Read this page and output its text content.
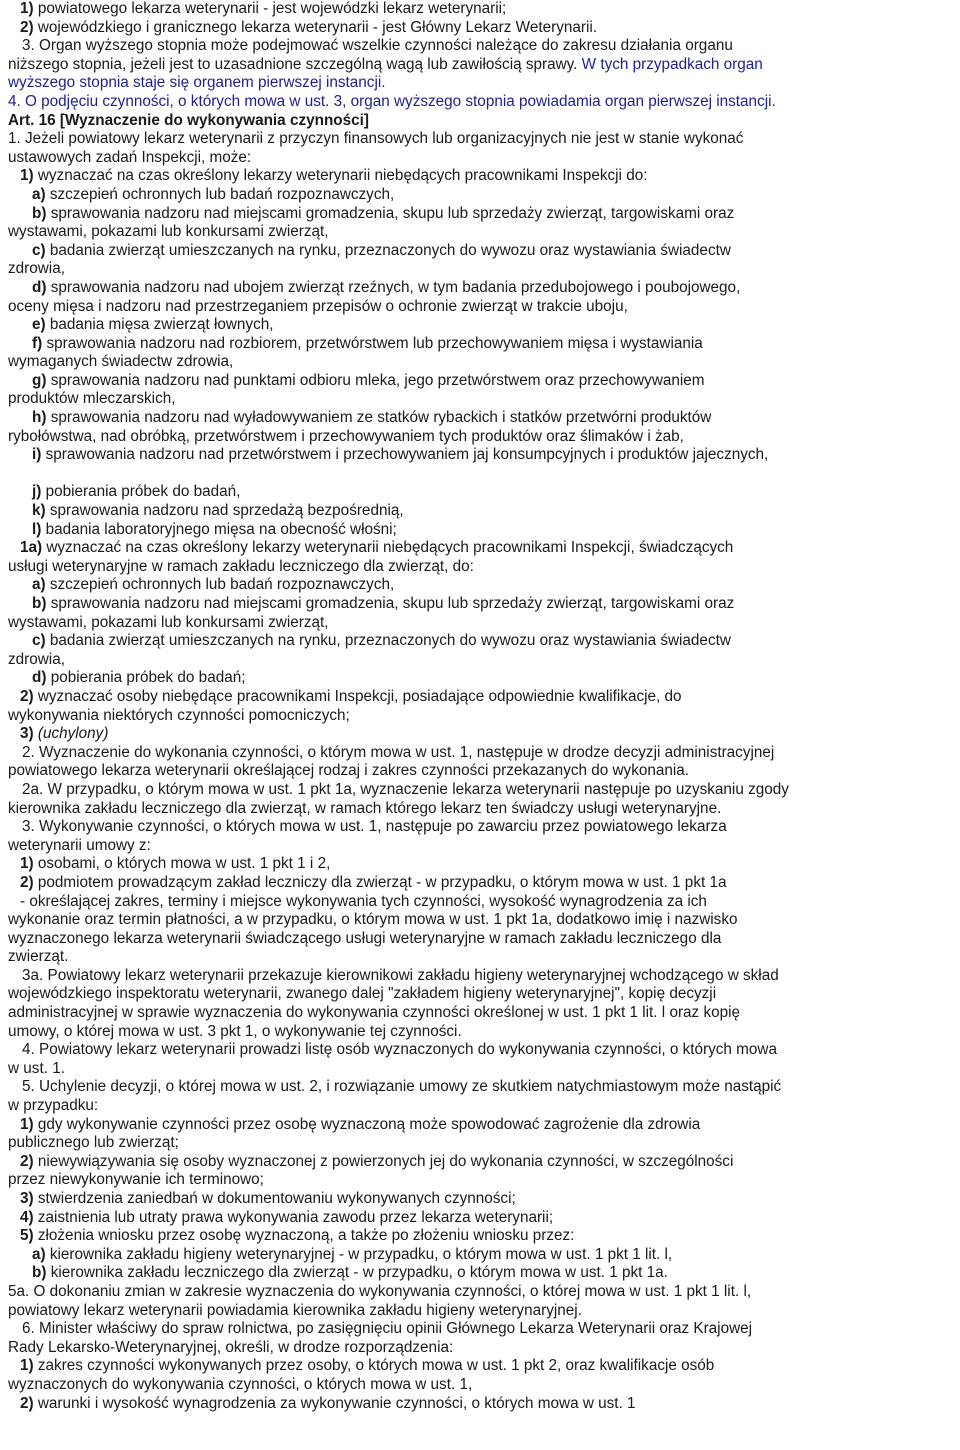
1) powiatowego lekarza weterynarii - jest wojewódzki lekarz weterynarii;
2) wojewódzkiego i granicznego lekarza weterynarii - jest Główny Lekarz Weterynarii.
3. Organ wyższego stopnia może podejmować wszelkie czynności należące do zakresu działania organu
niższego stopnia, jeżeli jest to uzasadnione szczególną wagą lub zawiłością sprawy. W tych przypadkach organ
wyższego stopnia staje się organem pierwszej instancji.
4. O podjęciu czynności, o których mowa w ust. 3, organ wyższego stopnia powiadamia organ pierwszej instancji.
Art. 16 [Wyznaczenie do wykonywania czynności]
1. Jeżeli powiatowy lekarz weterynarii z przyczyn finansowych lub organizacyjnych nie jest w stanie wykonać
ustawowych zadań Inspekcji, może:
1) wyznaczać na czas określony lekarzy weterynarii niebędących pracownikami Inspekcji do:
a) szczepień ochronnych lub badań rozpoznawczych,
b) sprawowania nadzoru nad miejscami gromadzenia, skupu lub sprzedaży zwierząt, targowiskami oraz
wystawami, pokazami lub konkursami zwierząt,
c) badania zwierząt umieszczanych na rynku, przeznaczonych do wywozu oraz wystawiania świadectw
zdrowia,
d) sprawowania nadzoru nad ubojem zwierząt rzeźnych, w tym badania przedubojowego i poubojowego,
oceny mięsa i nadzoru nad przestrzeganiem przepisów o ochronie zwierząt w trakcie uboju,
e) badania mięsa zwierząt łownych,
f) sprawowania nadzoru nad rozbiorem, przetwórstwem lub przechowywaniem mięsa i wystawiania
wymaganych świadectw zdrowia,
g) sprawowania nadzoru nad punktami odbioru mleka, jego przetwórstwem oraz przechowywaniem
produktów mleczarskich,
h) sprawowania nadzoru nad wyładowywaniem ze statków rybackich i statków przetwórni produktów
rybołówstwa, nad obróbką, przetwórstwem i przechowywaniem tych produktów oraz ślimaków i żab,
i) sprawowania nadzoru nad przetwórstwem i przechowywaniem jaj konsumpcyjnych i produktów jajecznych,
j) pobierania próbek do badań,
k) sprawowania nadzoru nad sprzedażą bezpośrednią,
l) badania laboratoryjnego mięsa na obecność włośni;
1a) wyznaczać na czas określony lekarzy weterynarii niebędących pracownikami Inspekcji, świadczących
usługi weterynaryjne w ramach zakładu leczniczego dla zwierząt, do:
a) szczepień ochronnych lub badań rozpoznawczych,
b) sprawowania nadzoru nad miejscami gromadzenia, skupu lub sprzedaży zwierząt, targowiskami oraz
wystawami, pokazami lub konkursami zwierząt,
c) badania zwierząt umieszczanych na rynku, przeznaczonych do wywozu oraz wystawiania świadectw
zdrowia,
d) pobierania próbek do badań;
2) wyznaczać osoby niebędące pracownikami Inspekcji, posiadające odpowiednie kwalifikacje, do
wykonywania niektórych czynności pomocniczych;
3) (uchylony)
2. Wyznaczenie do wykonania czynności, o którym mowa w ust. 1, następuje w drodze decyzji administracyjnej
powiatowego lekarza weterynarii określającej rodzaj i zakres czynności przekazanych do wykonania.
2a. W przypadku, o którym mowa w ust. 1 pkt 1a, wyznaczenie lekarza weterynarii następuje po uzyskaniu zgody
kierownika zakładu leczniczego dla zwierząt, w ramach którego lekarz ten świadczy usługi weterynaryjne.
3. Wykonywanie czynności, o których mowa w ust. 1, następuje po zawarciu przez powiatowego lekarza
weterynarii umowy z:
1) osobami, o których mowa w ust. 1 pkt 1 i 2,
2) podmiotem prowadzącym zakład leczniczy dla zwierząt - w przypadku, o którym mowa w ust. 1 pkt 1a
- określającej zakres, terminy i miejsce wykonywania tych czynności, wysokość wynagrodzenia za ich
wykonanie oraz termin płatności, a w przypadku, o którym mowa w ust. 1 pkt 1a, dodatkowo imię i nazwisko
wyznaczonego lekarza weterynarii świadczącego usługi weterynaryjne w ramach zakładu leczniczego dla
zwierząt.
3a. Powiatowy lekarz weterynarii przekazuje kierownikowi zakładu higieny weterynaryjnej wchodzącego w skład
wojewódzkiego inspektoratu weterynarii, zwanego dalej "zakładem higieny weterynaryjnej", kopię decyzji
administracyjnej w sprawie wyznaczenia do wykonywania czynności określonej w ust. 1 pkt 1 lit. l oraz kopię
umowy, o której mowa w ust. 3 pkt 1, o wykonywanie tej czynności.
4. Powiatowy lekarz weterynarii prowadzi listę osób wyznaczonych do wykonywania czynności, o których mowa
w ust. 1.
5. Uchylenie decyzji, o której mowa w ust. 2, i rozwiązanie umowy ze skutkiem natychmiastowym może nastąpić
w przypadku:
1) gdy wykonywanie czynności przez osobę wyznaczoną może spowodować zagrożenie dla zdrowia
publicznego lub zwierząt;
2) niewywiązywania się osoby wyznaczonej z powierzonych jej do wykonania czynności, w szczególności
przez niewykonywanie ich terminowo;
3) stwierdzenia zaniedbań w dokumentowaniu wykonywanych czynności;
4) zaistnienia lub utraty prawa wykonywania zawodu przez lekarza weterynarii;
5) złożenia wniosku przez osobę wyznaczoną, a także po złożeniu wniosku przez:
a) kierownika zakładu higieny weterynaryjnej - w przypadku, o którym mowa w ust. 1 pkt 1 lit. l,
b) kierownika zakładu leczniczego dla zwierząt - w przypadku, o którym mowa w ust. 1 pkt 1a.
5a. O dokonaniu zmian w zakresie wyznaczenia do wykonywania czynności, o której mowa w ust. 1 pkt 1 lit. l,
powiatowy lekarz weterynarii powiadamia kierownika zakładu higieny weterynaryjnej.
6. Minister właściwy do spraw rolnictwa, po zasięgnięciu opinii Głównego Lekarza Weterynarii oraz Krajowej
Rady Lekarsko-Weterynaryjnej, określi, w drodze rozporządzenia:
1) zakres czynności wykonywanych przez osoby, o których mowa w ust. 1 pkt 2, oraz kwalifikacje osób
wyznaczonych do wykonywania czynności, o których mowa w ust. 1,
2) warunki i wysokość wynagrodzenia za wykonywanie czynności, o których mowa w ust. 1
